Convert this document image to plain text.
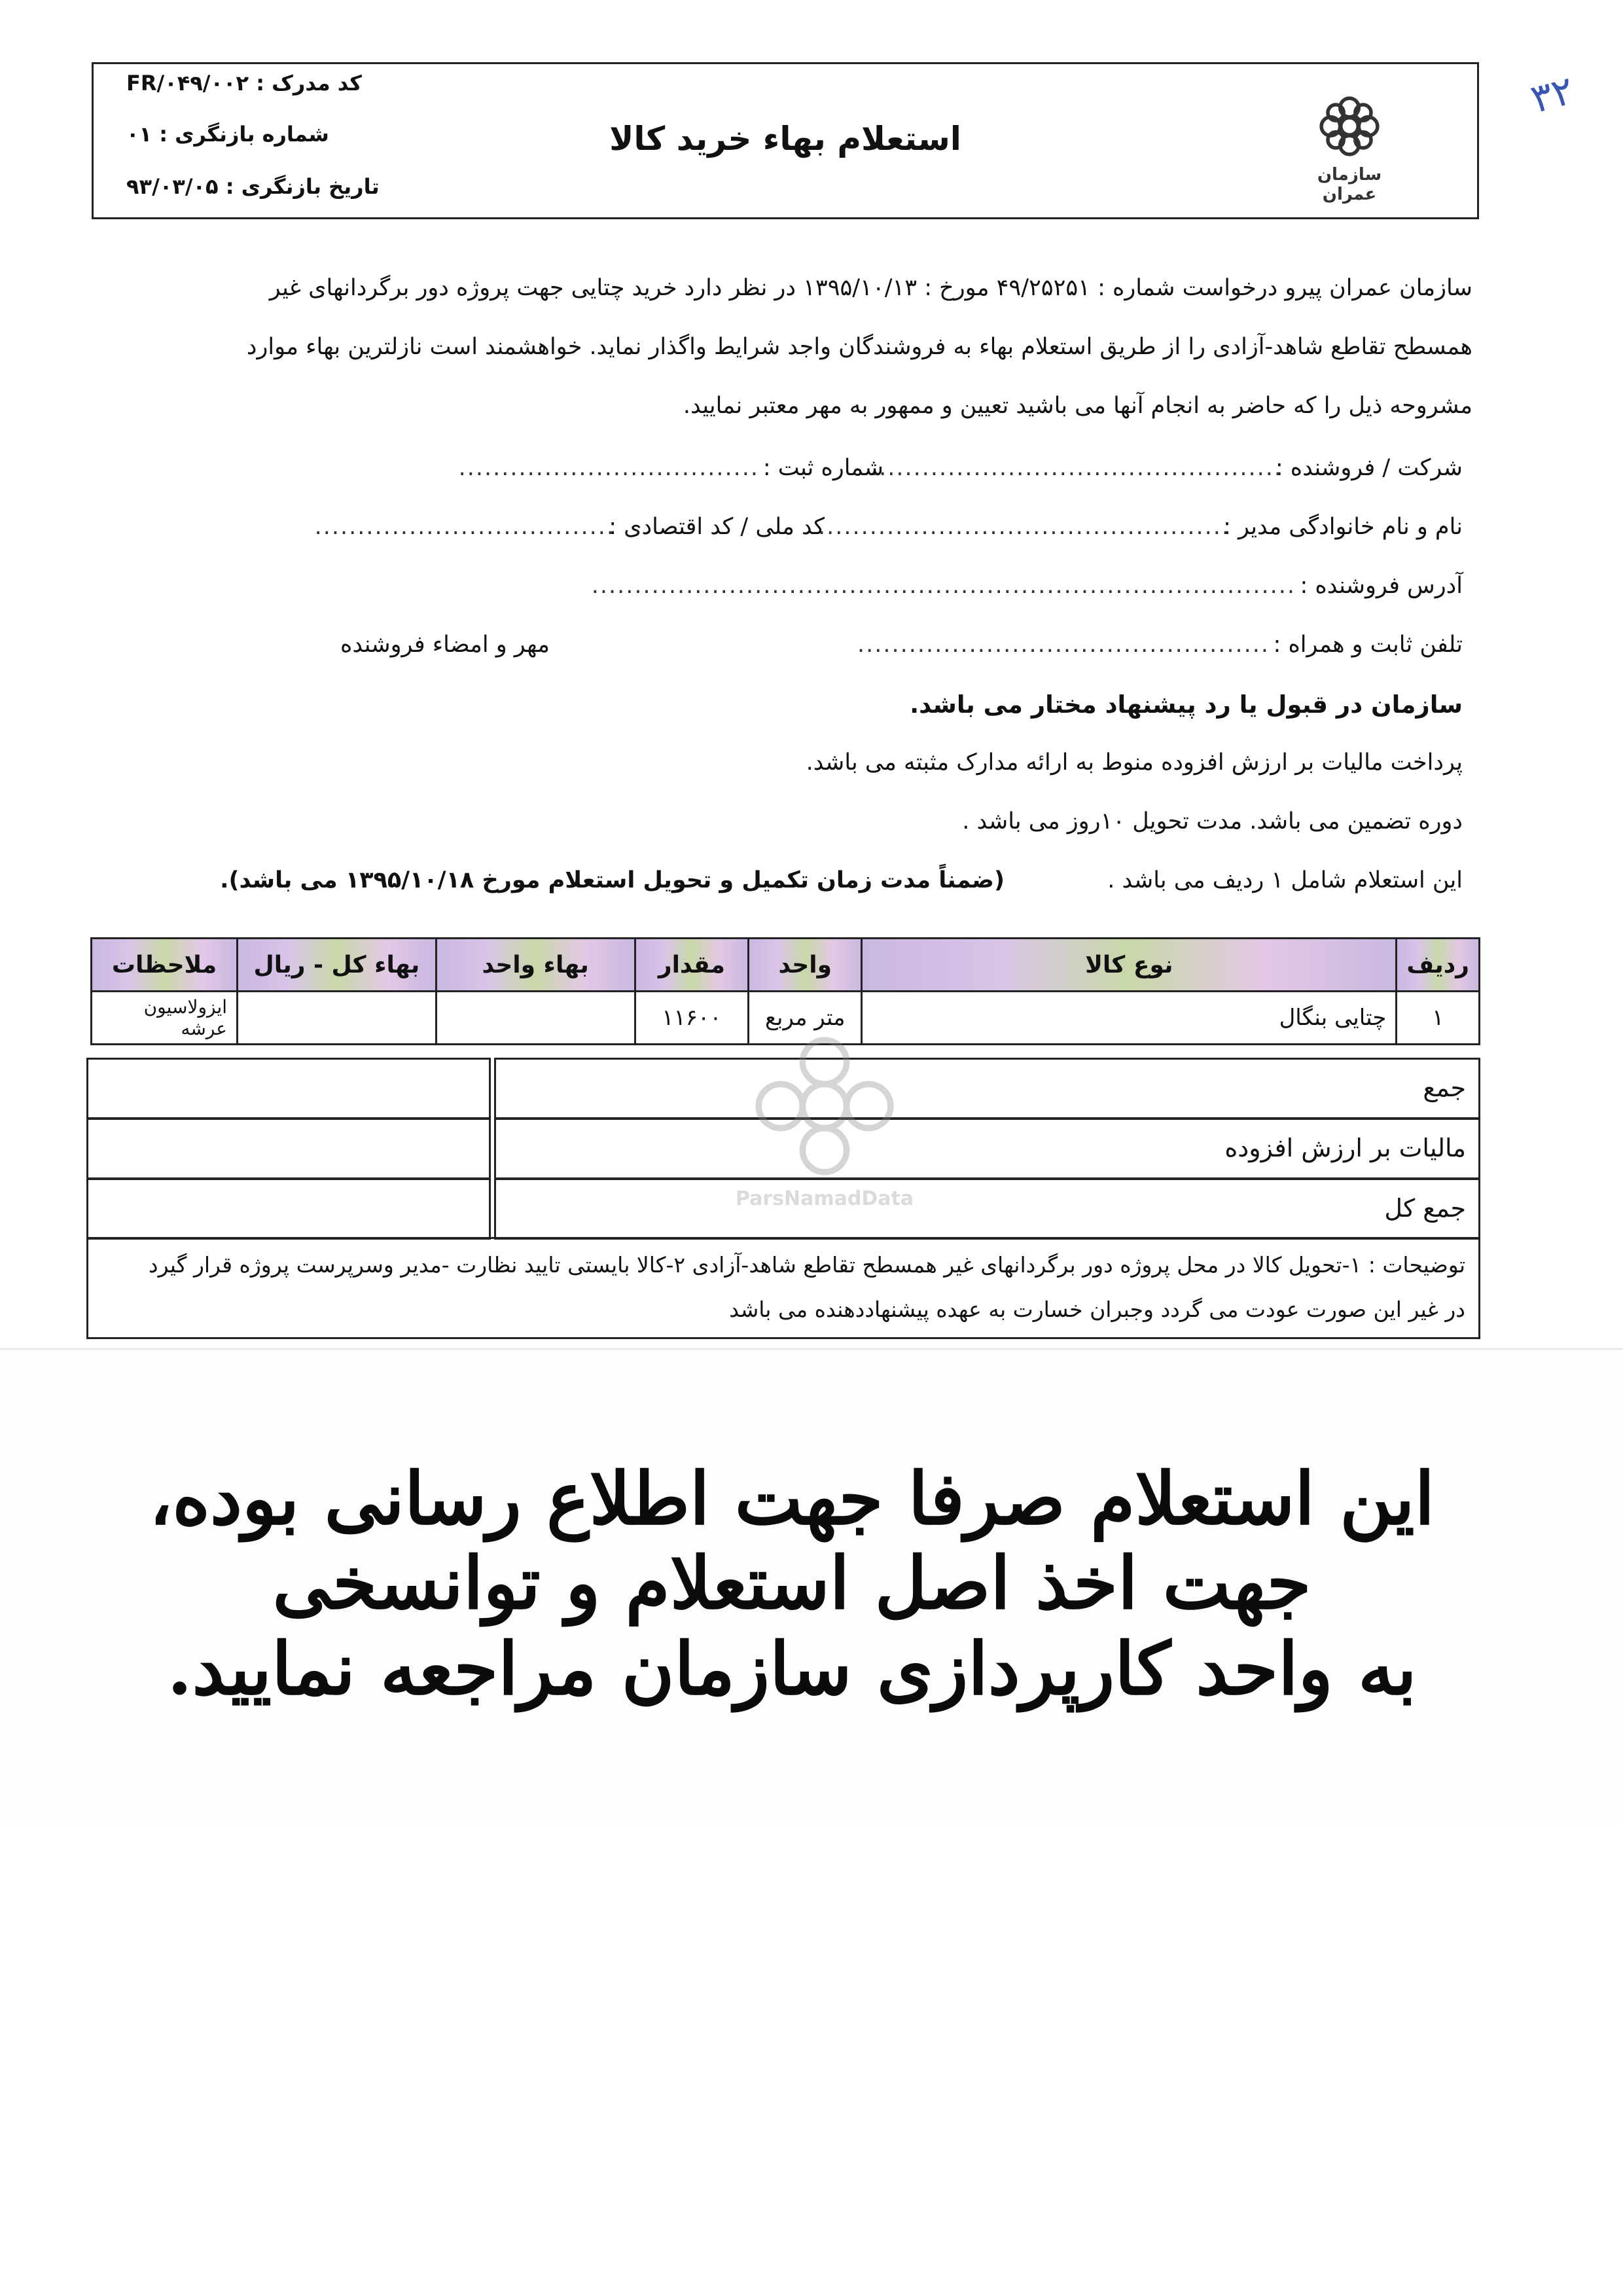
۳۲
کد مدرک : FR/۰۴۹/۰۰۲
شماره بازنگری : ۰۱
تاریخ بازنگری : ۹۳/۰۳/۰۵
استعلام بهاء خرید کالا
سازمان عمران
سازمان عمران پیرو درخواست شماره : ۴۹/۲۵۲۵۱ مورخ : ۱۳۹۵/۱۰/۱۳ در نظر دارد خرید چتایی جهت پروژه دور برگردانهای غیر
همسطح تقاطع شاهد-آزادی را از طریق استعلام بهاء به فروشندگان واجد شرایط واگذار نماید. خواهشمند است نازلترین بهاء موارد
مشروحه ذیل را که حاضر به انجام آنها می باشید تعیین و ممهور به مهر معتبر نمایید.
شرکت / فروشنده :
................................................
شماره ثبت :
...................................
نام و نام خانوادگی مدیر :
................................................
کد ملی / کد اقتصادی :
...................................
آدرس فروشنده :
..................................................................................
تلفن ثابت و همراه :
................................................
مهر و امضاء فروشنده
سازمان در قبول یا رد پیشنهاد مختار می باشد.
پرداخت مالیات بر ارزش افزوده منوط به ارائه مدارک مثبته می باشد.
دوره تضمین می باشد. مدت تحویل ۱۰روز می باشد .
این استعلام شامل ۱ ردیف می باشد .
(ضمناً مدت زمان تکمیل و تحویل استعلام مورخ ۱۳۹۵/۱۰/۱۸ می باشد).
ردیف	نوع کالا	واحد	مقدار	بهاء واحد	بهاء کل - ریال	ملاحظات
۱	چتایی بنگال	متر مربع	۱۱۶۰۰			ایزولاسیون عرشه
جمع
مالیات بر ارزش افزوده
جمع کل
ParsNamadData
توضیحات : ۱-تحویل کالا در محل پروژه دور برگردانهای غیر همسطح تقاطع شاهد-آزادی ۲-کالا بایستی تایید نظارت -مدیر وسرپرست پروژه قرار گیرد
در غیر این صورت عودت می گردد وجبران خسارت به عهده پیشنهاددهنده می باشد
این استعلام صرفا جهت اطلاع رسانی بوده، جهت اخذ اصل استعلام و توانسخی
به واحد کارپردازی سازمان مراجعه نمایید.
